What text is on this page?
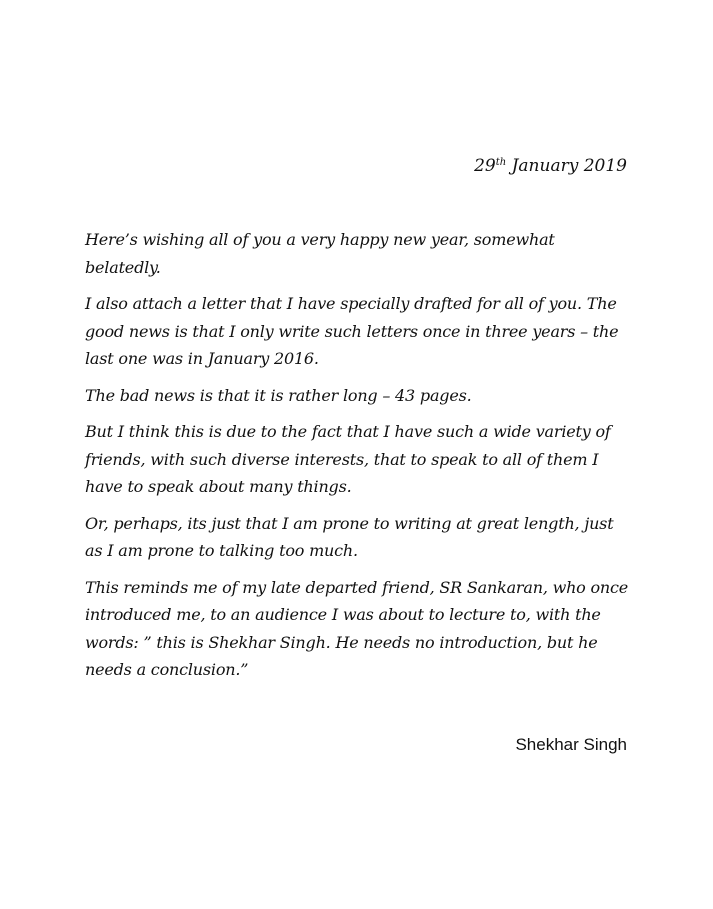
29th January 2019

Here’s wishing all of you a very happy new year, somewhat belatedly.

I also attach a letter that I have specially drafted for all of you. The good news is that I only write such letters once in three years – the last one was in January 2016.

The bad news is that it is rather long – 43 pages.

But I think this is due to the fact that I have such a wide variety of friends, with such diverse interests, that to speak to all of them I have to speak about many things.

Or, perhaps, its just that I am prone to writing at great length, just as I am prone to talking too much.

This reminds me of my late departed friend, SR Sankaran, who once introduced me, to an audience I was about to lecture to, with the words: ” this is Shekhar Singh. He needs no introduction, but he needs a conclusion.”

Shekhar Singh
